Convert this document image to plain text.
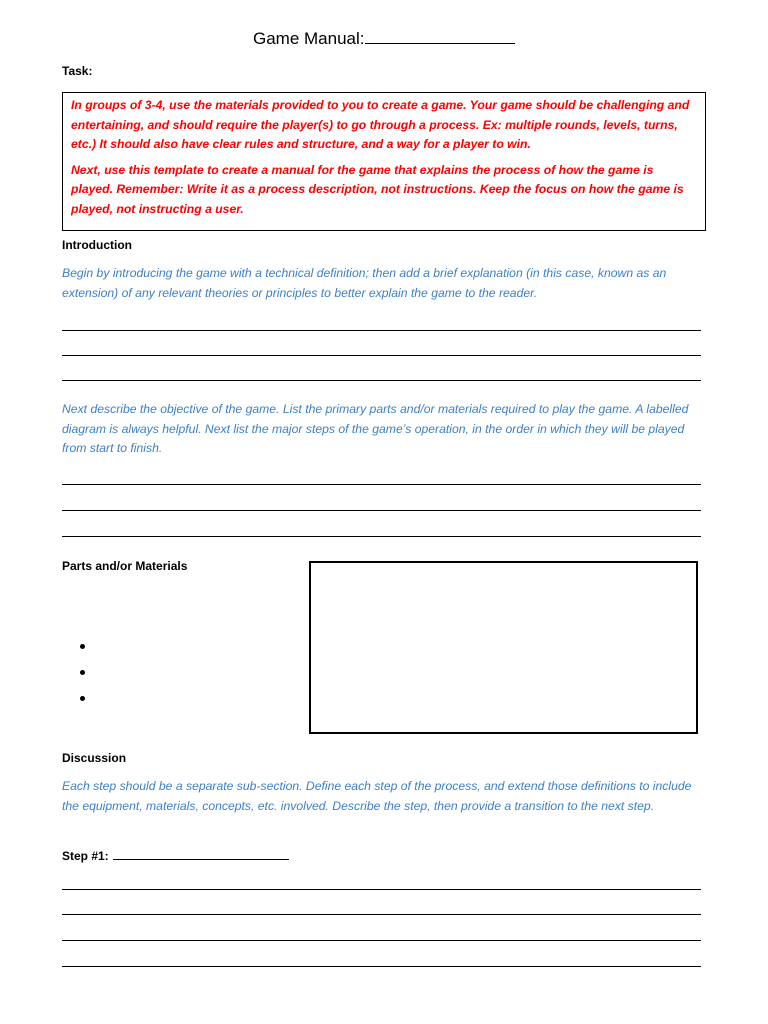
Game Manual:
Task:

In groups of 3-4, use the materials provided to you to create a game. Your game should be challenging and entertaining, and should require the player(s) to go through a process. Ex: multiple rounds, levels, turns, etc.) It should also have clear rules and structure, and a way for a player to win.

Next, use this template to create a manual for the game that explains the process of how the game is played. Remember: Write it as a process description, not instructions. Keep the focus on how the game is played, not instructing a user.

Introduction

Begin by introducing the game with a technical definition; then add a brief explanation (in this case, known as an extension) of any relevant theories or principles to better explain the game to the reader.

Next describe the objective of the game. List the primary parts and/or materials required to play the game. A labelled diagram is always helpful. Next list the major steps of the game’s operation, in the order in which they will be played from start to finish.

Parts and/or Materials
Discussion

Each step should be a separate sub-section. Define each step of the process, and extend those definitions to include the equipment, materials, concepts, etc. involved. Describe the step, then provide a transition to the next step.

Step #1:
